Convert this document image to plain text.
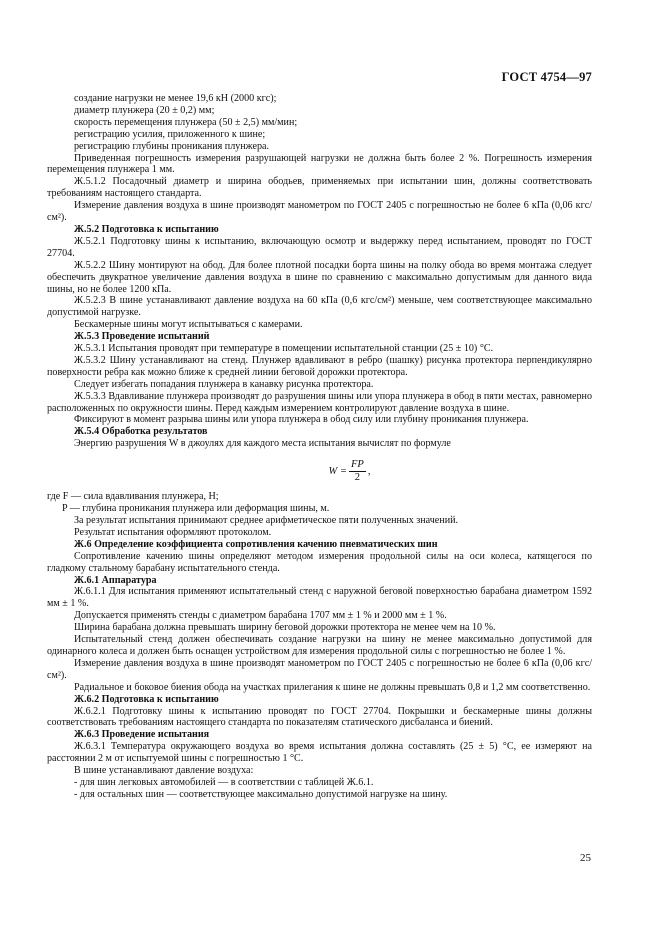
ГОСТ 4754—97

создание нагрузки не менее 19,6 кН (2000 кгс);

диаметр плунжера (20 ± 0,2) мм;

скорость перемещения плунжера (50 ± 2,5) мм/мин;

регистрацию усилия, приложенного к шине;

регистрацию глубины проникания плунжера.

Приведенная погрешность измерения разрушающей нагрузки не должна быть более 2 %. Погрешность измерения перемещения плунжера 1 мм.

Ж.5.1.2 Посадочный диаметр и ширина ободьев, применяемых при испытании шин, должны соответствовать требованиям настоящего стандарта.

Измерение давления воздуха в шине производят манометром по ГОСТ 2405 с погрешностью не более 6 кПа (0,06 кгс/см²).

Ж.5.2 Подготовка к испытанию

Ж.5.2.1 Подготовку шины к испытанию, включающую осмотр и выдержку перед испытанием, проводят по ГОСТ 27704.

Ж.5.2.2 Шину монтируют на обод. Для более плотной посадки борта шины на полку обода во время монтажа следует обеспечить двукратное увеличение давления воздуха в шине по сравнению с максимально допустимым для данного вида шины, но не более 1200 кПа.

Ж.5.2.3 В шине устанавливают давление воздуха на 60 кПа (0,6 кгс/см²) меньше, чем соответствующее максимально допустимой нагрузке.

Бескамерные шины могут испытываться с камерами.

Ж.5.3 Проведение испытаний

Ж.5.3.1 Испытания проводят при температуре в помещении испытательной станции (25 ± 10) °С.

Ж.5.3.2 Шину устанавливают на стенд. Плунжер вдавливают в ребро (шашку) рисунка протектора перпендикулярно поверхности ребра как можно ближе к средней линии беговой дорожки протектора.

Следует избегать попадания плунжера в канавку рисунка протектора.

Ж.5.3.3 Вдавливание плунжера производят до разрушения шины или упора плунжера в обод в пяти местах, равномерно расположенных по окружности шины. Перед каждым измерением контролируют давление воздуха в шине.

Фиксируют в момент разрыва шины или упора плунжера в обод силу или глубину проникания плунжера.

Ж.5.4 Обработка результатов

Энергию разрушения W в джоулях для каждого места испытания вычислят по формуле

$W = \frac{FP}{2}$ ,

где F — сила вдавливания плунжера, Н;

P — глубина проникания плунжера или деформация шины, м.

За результат испытания принимают среднее арифметическое пяти полученных значений.

Результат испытания оформляют протоколом.

Ж.6 Определение коэффициента сопротивления качению пневматических шин

Сопротивление качению шины определяют методом измерения продольной силы на оси колеса, катящегося по гладкому стальному барабану испытательного стенда.

Ж.6.1 Аппаратура

Ж.6.1.1 Для испытания применяют испытательный стенд с наружной беговой поверхностью барабана диаметром 1592 мм ± 1 %.

Допускается применять стенды с диаметром барабана 1707 мм ± 1 % и 2000 мм ± 1 %.

Ширина барабана должна превышать ширину беговой дорожки протектора не менее чем на 10 %.

Испытательный стенд должен обеспечивать создание нагрузки на шину не менее максимально допустимой для одинарного колеса и должен быть оснащен устройством для измерения продольной силы с погрешностью не более 1 %.

Измерение давления воздуха в шине производят манометром по ГОСТ 2405 с погрешностью не более 6 кПа (0,06 кгс/см²).

Радиальное и боковое биения обода на участках прилегания к шине не должны превышать 0,8 и 1,2 мм соответственно.

Ж.6.2 Подготовка к испытанию

Ж.6.2.1 Подготовку шины к испытанию проводят по ГОСТ 27704. Покрышки и бескамерные шины должны соответствовать требованиям настоящего стандарта по показателям статического дисбаланса и биений.

Ж.6.3 Проведение испытания

Ж.6.3.1 Температура окружающего воздуха во время испытания должна составлять (25 ± 5) °С, ее измеряют на расстоянии 2 м от испытуемой шины с погрешностью 1 °С.

В шине устанавливают давление воздуха:

- для шин легковых автомобилей — в соответствии с таблицей Ж.6.1.

- для остальных шин — соответствующее максимально допустимой нагрузке на шину.

25
